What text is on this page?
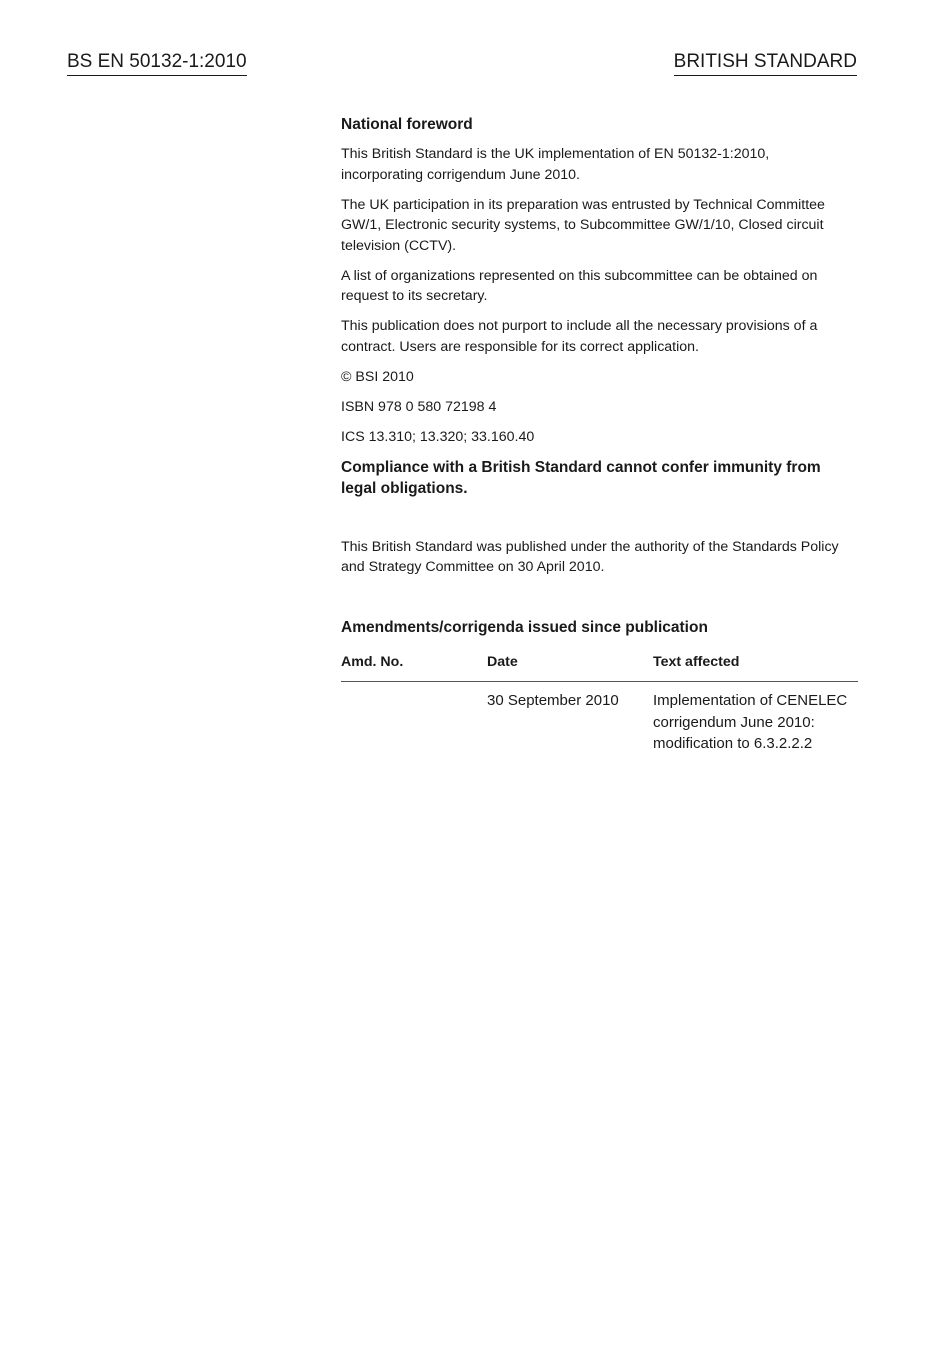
BS EN 50132-1:2010	BRITISH STANDARD

National foreword

This British Standard is the UK implementation of EN 50132-1:2010, incorporating corrigendum June 2010.

The UK participation in its preparation was entrusted by Technical Committee GW/1, Electronic security systems, to Subcommittee GW/1/10, Closed circuit television (CCTV).

A list of organizations represented on this subcommittee can be obtained on request to its secretary.

This publication does not purport to include all the necessary provisions of a contract. Users are responsible for its correct application.

© BSI 2010

ISBN 978 0 580 72198 4

ICS 13.310; 13.320; 33.160.40

Compliance with a British Standard cannot confer immunity from legal obligations.

This British Standard was published under the authority of the Standards Policy and Strategy Committee on 30 April 2010.

Amendments/corrigenda issued since publication

Amd. No.	Date	Text affected
	30 September 2010	Implementation of CENELEC corrigendum June 2010: modification to 6.3.2.2.2
